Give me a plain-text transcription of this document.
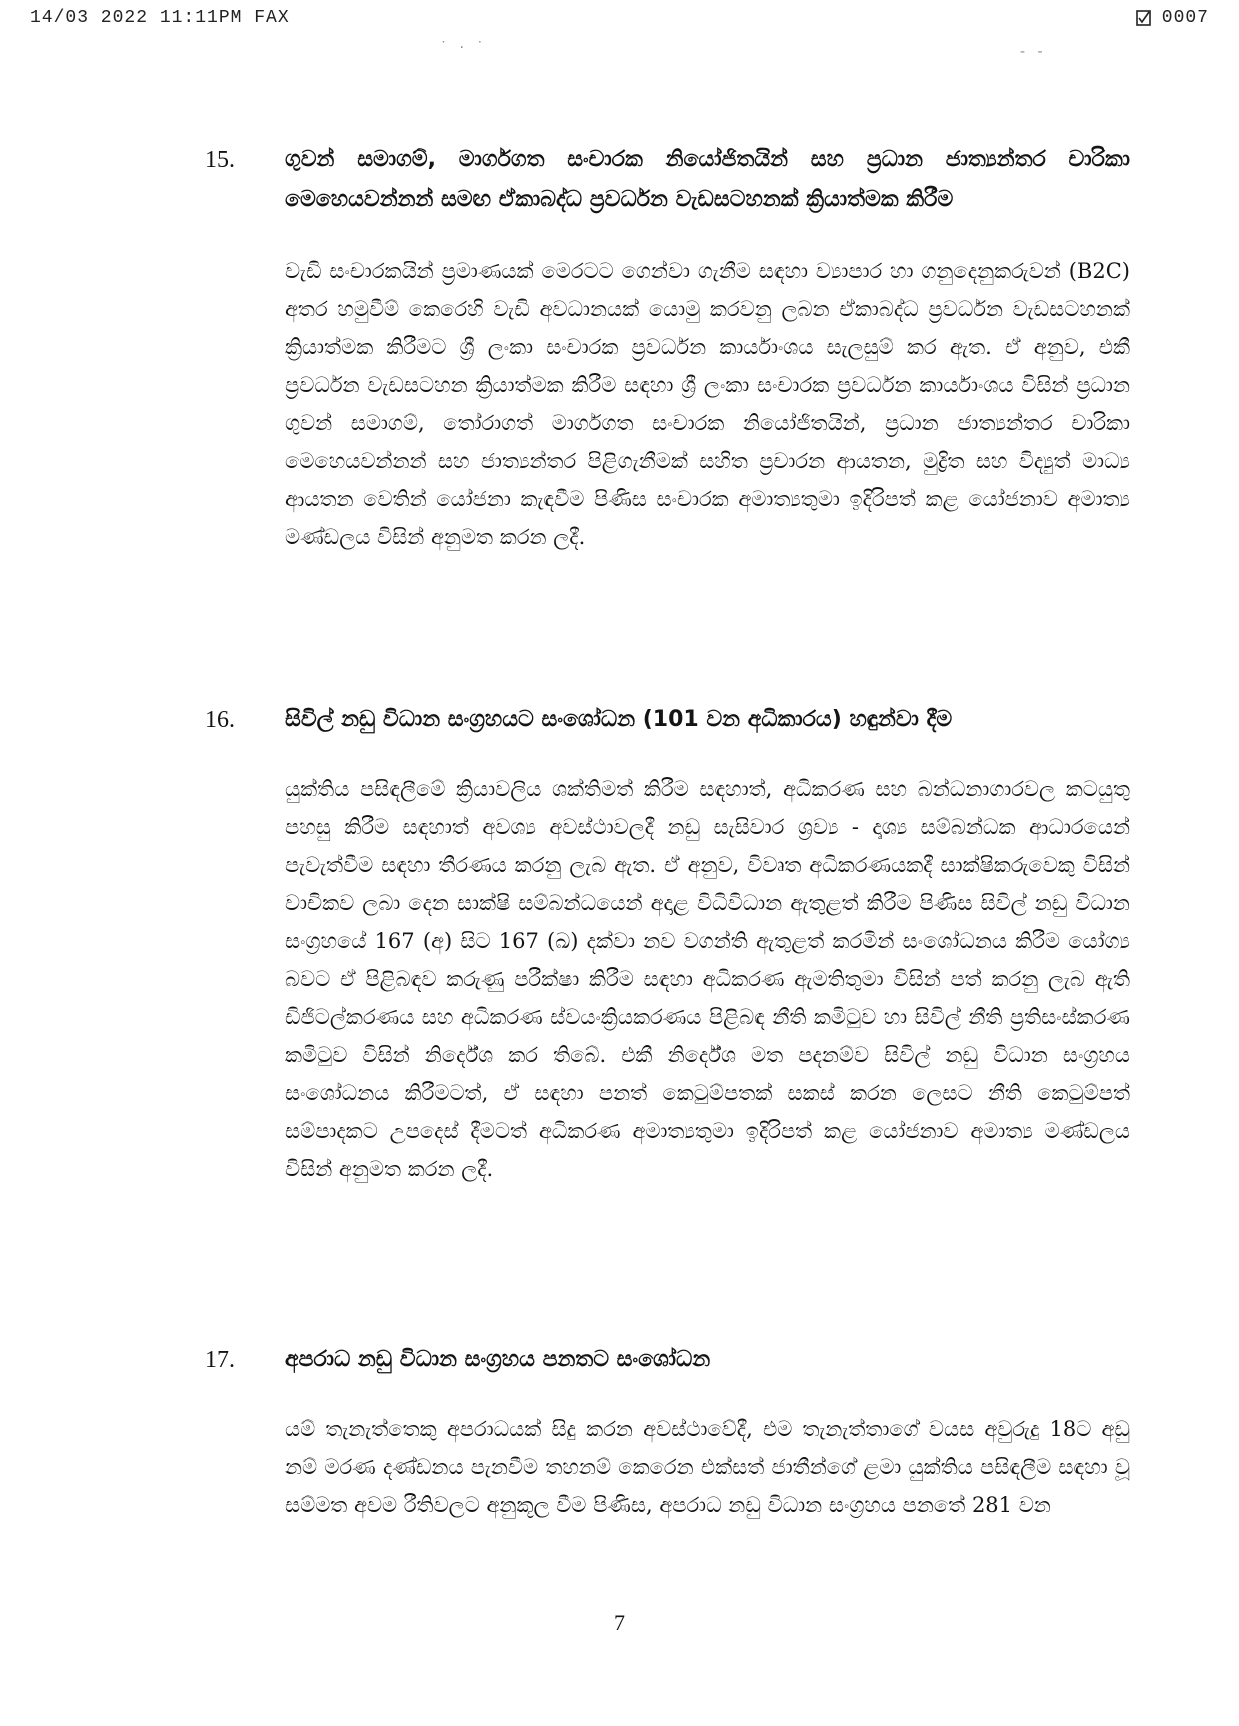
14/03 2022 11:11PM FAX	0007
˙ · ˙	- -
15.	ගුවන් සමාගම්, මාර්ගගත සංචාරක නියෝජිතයින් සහ ප්‍රධාන ජාත්‍යන්තර චාරිකා මෙහෙයවන්නන් සමඟ ඒකාබද්ධ ප්‍රවර්ධන වැඩසටහනක් ක්‍රියාත්මක කිරීම

වැඩි සංචාරකයින් ප්‍රමාණයක් මෙරටට ගෙන්වා ගැනීම සඳහා ව්‍යාපාර හා ගනුදෙනුකරුවන් (B2C) අතර හමුවීම් කෙරෙහි වැඩි අවධානයක් යොමු කරවනු ලබන ඒකාබද්ධ ප්‍රවර්ධන වැඩසටහනක් ක්‍රියාත්මක කිරීමට ශ්‍රී ලංකා සංචාරක ප්‍රවර්ධන කාර්යාංශය සැලසුම් කර ඇත. ඒ අනුව, එකී ප්‍රවර්ධන වැඩසටහන ක්‍රියාත්මක කිරීම සඳහා ශ්‍රී ලංකා සංචාරක ප්‍රවර්ධන කාර්යාංශය විසින් ප්‍රධාන ගුවන් සමාගම්, තෝරාගත් මාර්ගගත සංචාරක නියෝජිතයින්, ප්‍රධාන ජාත්‍යන්තර චාරිකා මෙහෙයවන්නන් සහ ජාත්‍යන්තර පිළිගැනීමක් සහිත ප්‍රචාරන ආයතන, මුද්‍රිත සහ විද්‍යුත් මාධ්‍ය ආයතන වෙතින් යෝජනා කැඳවීම පිණිස සංචාරක අමාත්‍යතුමා ඉදිරිපත් කළ යෝජනාව අමාත්‍ය මණ්ඩලය විසින් අනුමත කරන ලදී.

16.	සිවිල් නඩු විධාන සංග්‍රහයට සංශෝධන (101 වන අධිකාරය) හඳුන්වා දීම

යුක්තිය පසිඳලීමේ ක්‍රියාවලිය ශක්තිමත් කිරීම සඳහාත්, අධිකරණ සහ බන්ධනාගාරවල කටයුතු පහසු කිරීම සඳහාත් අවශ්‍ය අවස්ථාවලදී නඩු සැසිවාර ශ්‍රව්‍ය - දෘශ්‍ය සම්බන්ධක ආධාරයෙන් පැවැත්වීම සඳහා තීරණය කරනු ලැබ ඇත. ඒ අනුව, විවෘත අධිකරණයකදී සාක්ෂිකරුවෙකු විසින් වාචිකව ලබා දෙන සාක්ෂි සම්බන්ධයෙන් අදාළ විධිවිධාන ඇතුළත් කිරීම පිණිස සිවිල් නඩු විධාන සංග්‍රහයේ 167 (අ) සිට 167 (ඛ) දක්වා නව වගන්ති ඇතුළත් කරමින් සංශෝධනය කිරීම යෝග්‍ය බවට ඒ පිළිබඳව කරුණු පරීක්ෂා කිරීම සඳහා අධිකරණ ඇමතිතුමා විසින් පත් කරනු ලැබ ඇති ඩිජිටල්කරණය සහ අධිකරණ ස්වයංක්‍රියකරණය පිළිබඳ නීති කමිටුව හා සිවිල් නීති ප්‍රතිසංස්කරණ කමිටුව විසින් නිර්දේශ කර තිබේ. එකී නිර්දේශ මත පදනම්ව සිවිල් නඩු විධාන සංග්‍රහය සංශෝධනය කිරීමටත්, ඒ සඳහා පනත් කෙටුම්පතක් සකස් කරන ලෙසට නීති කෙටුම්පත් සම්පාදකට උපදෙස් දීමටත් අධිකරණ අමාත්‍යතුමා ඉදිරිපත් කළ යෝජනාව අමාත්‍ය මණ්ඩලය විසින් අනුමත කරන ලදී.

17.	අපරාධ නඩු විධාන සංග්‍රහය පනතට සංශෝධන

යම් තැනැත්තෙකු අපරාධයක් සිදු කරන අවස්ථාවේදී, එම තැනැත්තාගේ වයස අවුරුදු 18ට අඩු නම් මරණ දණ්ඩනය පැනවීම තහනම් කෙරෙන එක්සත් ජාතීන්ගේ ළමා යුක්තිය පසිඳලීම සඳහා වූ සම්මත අවම රීතිවලට අනුකූල වීම පිණිස, අපරාධ නඩු විධාන සංග්‍රහය පනතේ 281 වන

7
